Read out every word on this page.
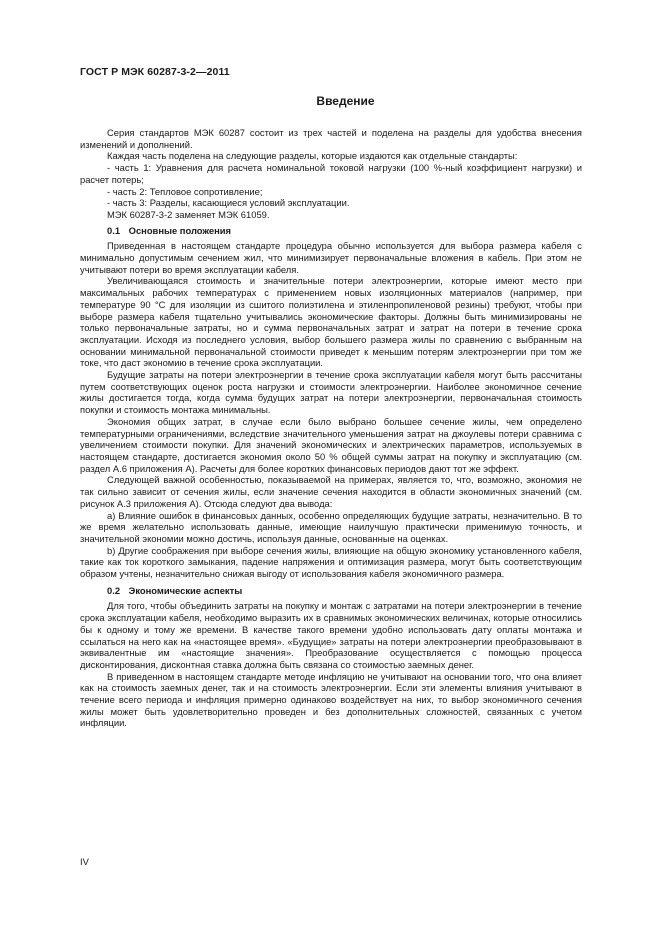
ГОСТ Р МЭК 60287-3-2—2011
Введение

Серия стандартов МЭК 60287 состоит из трех частей и поделена на разделы для удобства внесения изменений и дополнений.

Каждая часть поделена на следующие разделы, которые издаются как отдельные стандарты:

- часть 1: Уравнения для расчета номинальной токовой нагрузки (100 %-ный коэффициент нагрузки) и расчет потерь;

- часть 2: Тепловое сопротивление;

- часть 3: Разделы, касающиеся условий эксплуатации.

МЭК 60287-3-2 заменяет МЭК 61059.

0.1 Основные положения

Приведенная в настоящем стандарте процедура обычно используется для выбора размера кабеля с минимально допустимым сечением жил, что минимизирует первоначальные вложения в кабель. При этом не учитывают потери во время эксплуатации кабеля.

Увеличивающаяся стоимость и значительные потери электроэнергии, которые имеют место при максимальных рабочих температурах с применением новых изоляционных материалов (например, при температуре 90 °С для изоляции из сшитого полиэтилена и этиленпропиленовой резины) требуют, чтобы при выборе размера кабеля тщательно учитывались экономические факторы. Должны быть минимизированы не только первоначальные затраты, но и сумма первоначальных затрат и затрат на потери в течение срока эксплуатации. Исходя из последнего условия, выбор большего размера жилы по сравнению с выбранным на основании минимальной первоначальной стоимости приведет к меньшим потерям электроэнергии при том же токе, что даст экономию в течение срока эксплуатации.

Будущие затраты на потери электроэнергии в течение срока эксплуатации кабеля могут быть рассчитаны путем соответствующих оценок роста нагрузки и стоимости электроэнергии. Наиболее экономичное сечение жилы достигается тогда, когда сумма будущих затрат на потери электроэнергии, первоначальная стоимость покупки и стоимость монтажа минимальны.

Экономия общих затрат, в случае если было выбрано большее сечение жилы, чем определено температурными ограничениями, вследствие значительного уменьшения затрат на джоулевы потери сравнима с увеличением стоимости покупки. Для значений экономических и электрических параметров, используемых в настоящем стандарте, достигается экономия около 50 % общей суммы затрат на покупку и эксплуатацию (см. раздел А.6 приложения А). Расчеты для более коротких финансовых периодов дают тот же эффект.

Следующей важной особенностью, показываемой на примерах, является то, что, возможно, экономия не так сильно зависит от сечения жилы, если значение сечения находится в области экономичных значений (см. рисунок А.3 приложения А). Отсюда следуют два вывода:

а) Влияние ошибок в финансовых данных, особенно определяющих будущие затраты, незначительно. В то же время желательно использовать данные, имеющие наилучшую практически применимую точность, и значительной экономии можно достичь, используя данные, основанные на оценках.

b) Другие соображения при выборе сечения жилы, влияющие на общую экономику установленного кабеля, такие как ток короткого замыкания, падение напряжения и оптимизация размера, могут быть соответствующим образом учтены, незначительно снижая выгоду от использования кабеля экономичного размера.

0.2 Экономические аспекты

Для того, чтобы объединить затраты на покупку и монтаж с затратами на потери электроэнергии в течение срока эксплуатации кабеля, необходимо выразить их в сравнимых экономических величинах, которые относились бы к одному и тому же времени. В качестве такого времени удобно использовать дату оплаты монтажа и ссылаться на него как на «настоящее время». «Будущие» затраты на потери электроэнергии преобразовывают в эквивалентные им «настоящие значения». Преобразование осуществляется с помощью процесса дисконтирования, дисконтная ставка должна быть связана со стоимостью заемных денег.

В приведенном в настоящем стандарте методе инфляцию не учитывают на основании того, что она влияет как на стоимость заемных денег, так и на стоимость электроэнергии. Если эти элементы влияния учитывают в течение всего периода и инфляция примерно одинаково воздействует на них, то выбор экономичного сечения жилы может быть удовлетворительно проведен и без дополнительных сложностей, связанных с учетом инфляции.

IV
